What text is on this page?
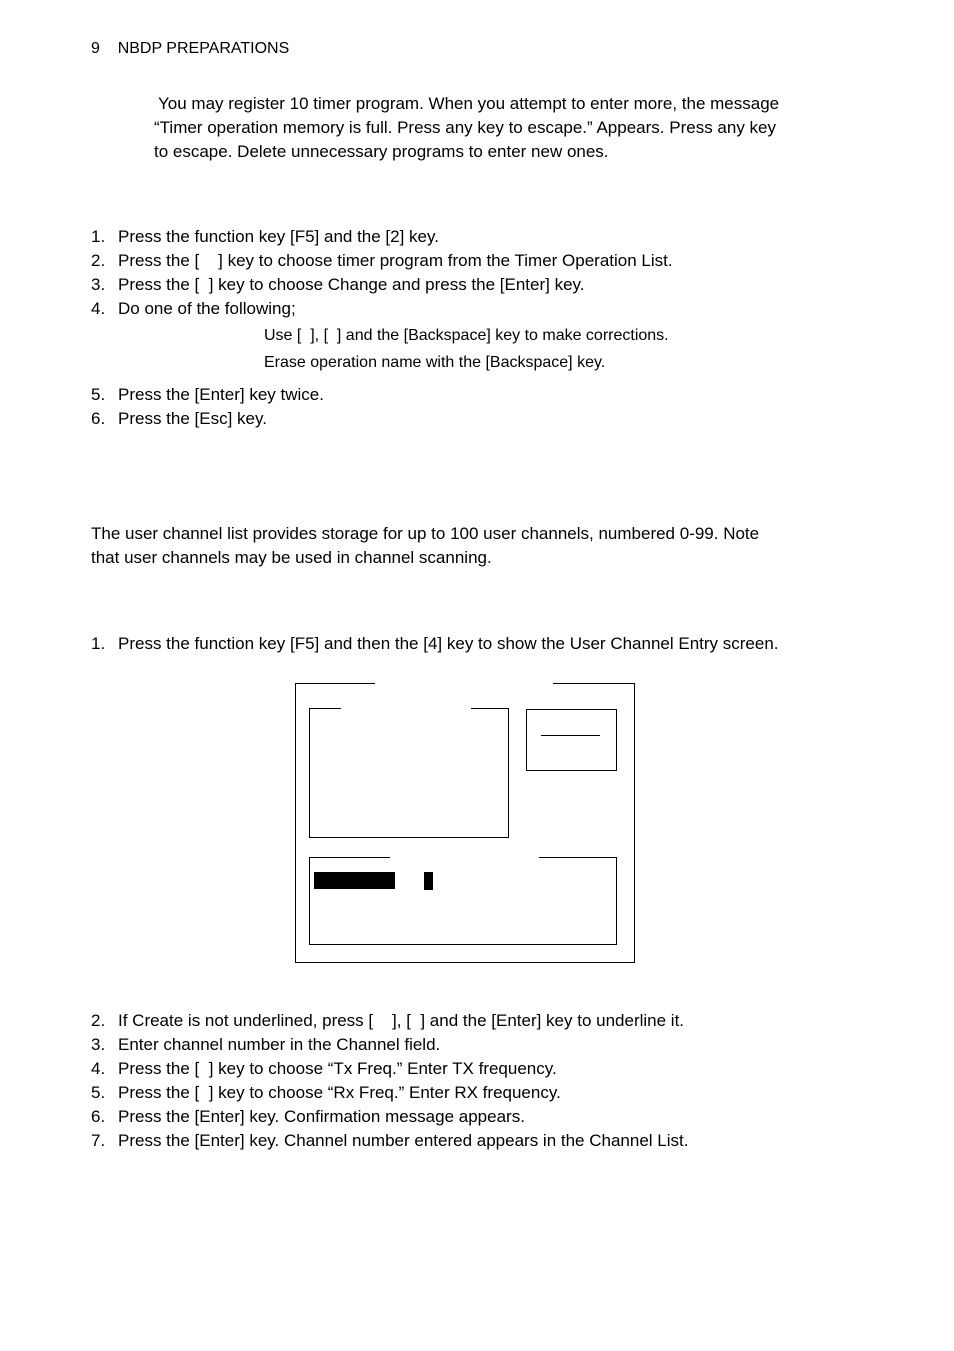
9 NBDP PREPARATIONS
You may register 10 timer program. When you attempt to enter more, the message
“Timer operation memory is full. Press any key to escape.” Appears. Press any key
to escape. Delete unnecessary programs to enter new ones.
1. Press the function key [F5] and the [2] key.
2. Press the [    ] key to choose timer program from the Timer Operation List.
3. Press the [  ] key to choose Change and press the [Enter] key.
4. Do one of the following;
Use [  ], [  ] and the [Backspace] key to make corrections.
Erase operation name with the [Backspace] key.
5. Press the [Enter] key twice.
6. Press the [Esc] key.
The user channel list provides storage for up to 100 user channels, numbered 0-99. Note
that user channels may be used in channel scanning.
1. Press the function key [F5] and then the [4] key to show the User Channel Entry screen.
2. If Create is not underlined, press [    ], [  ] and the [Enter] key to underline it.
3. Enter channel number in the Channel field.
4. Press the [  ] key to choose “Tx Freq.” Enter TX frequency.
5. Press the [  ] key to choose “Rx Freq.” Enter RX frequency.
6. Press the [Enter] key. Confirmation message appears.
7. Press the [Enter] key. Channel number entered appears in the Channel List.
